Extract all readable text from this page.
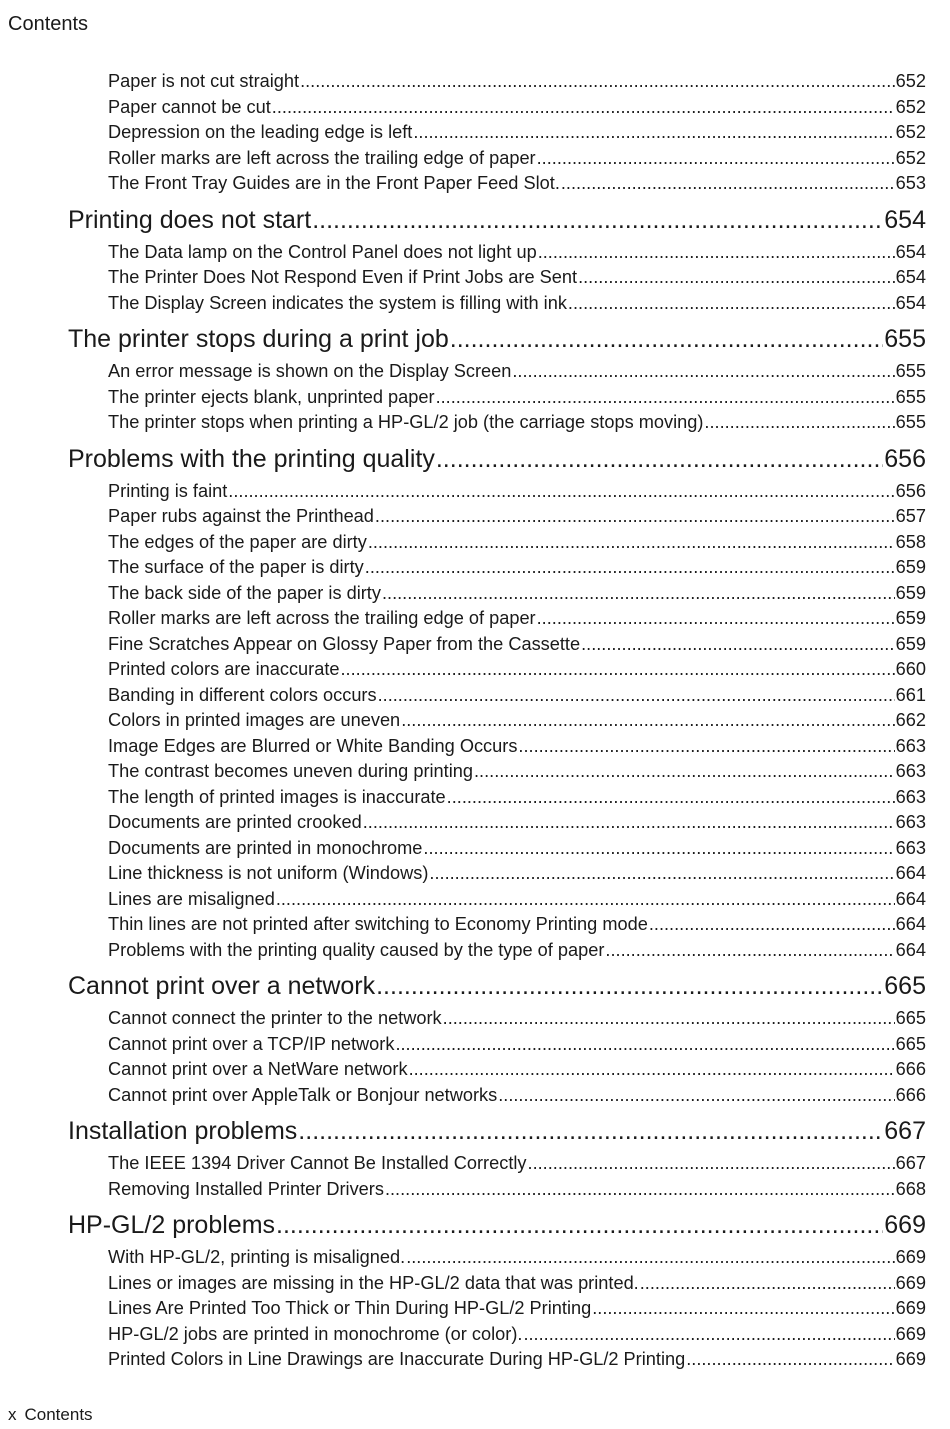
Contents
Paper is not cut straight .....	652
Paper cannot be cut .....	652
Depression on the leading edge is left .....	652
Roller marks are left across the trailing edge of paper .....	652
The Front Tray Guides are in the Front Paper Feed Slot. .....	653
Printing does not start .....	654
The Data lamp on the Control Panel does not light up .....	654
The Printer Does Not Respond Even if Print Jobs are Sent .....	654
The Display Screen indicates the system is filling with ink .....	654
The printer stops during a print job .....	655
An error message is shown on the Display Screen .....	655
The printer ejects blank, unprinted paper .....	655
The printer stops when printing a HP-GL/2 job (the carriage stops moving) .....	655
Problems with the printing quality .....	656
Printing is faint .....	656
Paper rubs against the Printhead .....	657
The edges of the paper are dirty .....	658
The surface of the paper is dirty .....	659
The back side of the paper is dirty .....	659
Roller marks are left across the trailing edge of paper .....	659
Fine Scratches Appear on Glossy Paper from the Cassette .....	659
Printed colors are inaccurate .....	660
Banding in different colors occurs .....	661
Colors in printed images are uneven .....	662
Image Edges are Blurred or White Banding Occurs .....	663
The contrast becomes uneven during printing .....	663
The length of printed images is inaccurate .....	663
Documents are printed crooked .....	663
Documents are printed in monochrome .....	663
Line thickness is not uniform (Windows) .....	664
Lines are misaligned .....	664
Thin lines are not printed after switching to Economy Printing mode .....	664
Problems with the printing quality caused by the type of paper .....	664
Cannot print over a network .....	665
Cannot connect the printer to the network .....	665
Cannot print over a TCP/IP network .....	665
Cannot print over a NetWare network .....	666
Cannot print over AppleTalk or Bonjour networks .....	666
Installation problems .....	667
The IEEE 1394 Driver Cannot Be Installed Correctly .....	667
Removing Installed Printer Drivers .....	668
HP-GL/2 problems .....	669
With HP-GL/2, printing is misaligned. .....	669
Lines or images are missing in the HP-GL/2 data that was printed. .....	669
Lines Are Printed Too Thick or Thin During HP-GL/2 Printing .....	669
HP-GL/2 jobs are printed in monochrome (or color). .....	669
Printed Colors in Line Drawings are Inaccurate During HP-GL/2 Printing .....	669
x Contents
